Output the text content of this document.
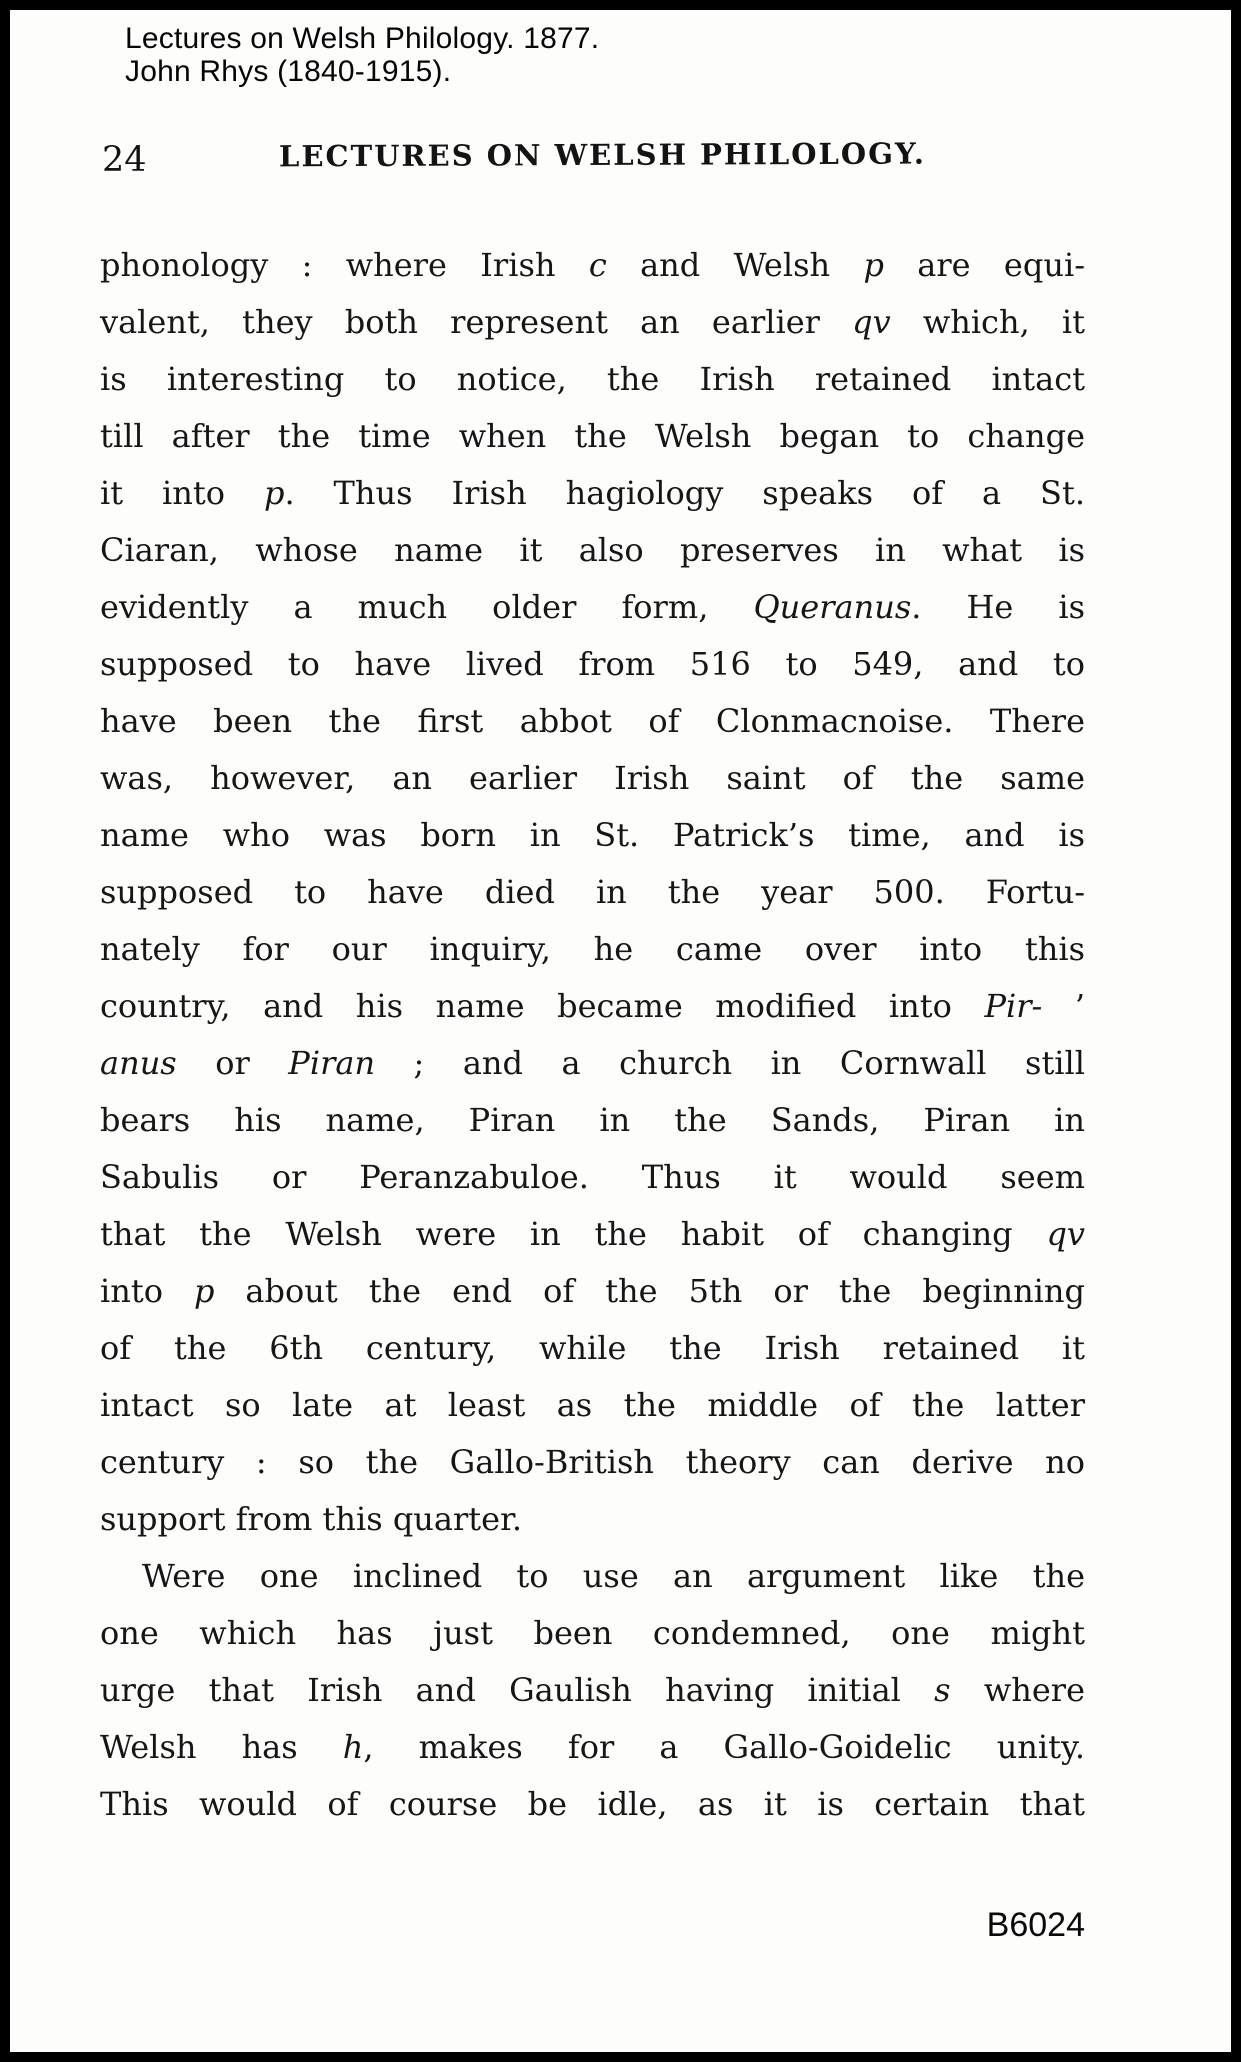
Lectures on Welsh Philology. 1877.
John Rhys (1840-1915).
24	LECTURES ON WELSH PHILOLOGY.
phonology : where Irish c and Welsh p are equi-
valent, they both represent an earlier qv which, it
is interesting to notice, the Irish retained intact
till after the time when the Welsh began to change
it into p. Thus Irish hagiology speaks of a St.
Ciaran, whose name it also preserves in what is
evidently a much older form, Queranus. He is
supposed to have lived from 516 to 549, and to
have been the first abbot of Clonmacnoise. There
was, however, an earlier Irish saint of the same
name who was born in St. Patrick’s time, and is
supposed to have died in the year 500. Fortu-
nately for our inquiry, he came over into this
country, and his name became modified into Pir- ’
anus or Piran ; and a church in Cornwall still
bears his name, Piran in the Sands, Piran in
Sabulis or Peranzabuloe. Thus it would seem
that the Welsh were in the habit of changing qv
into p about the end of the 5th or the beginning
of the 6th century, while the Irish retained it
intact so late at least as the middle of the latter
century : so the Gallo-British theory can derive no
support from this quarter.
Were one inclined to use an argument like the
one which has just been condemned, one might
urge that Irish and Gaulish having initial s where
Welsh has h, makes for a Gallo-Goidelic unity.
This would of course be idle, as it is certain that
B6024
